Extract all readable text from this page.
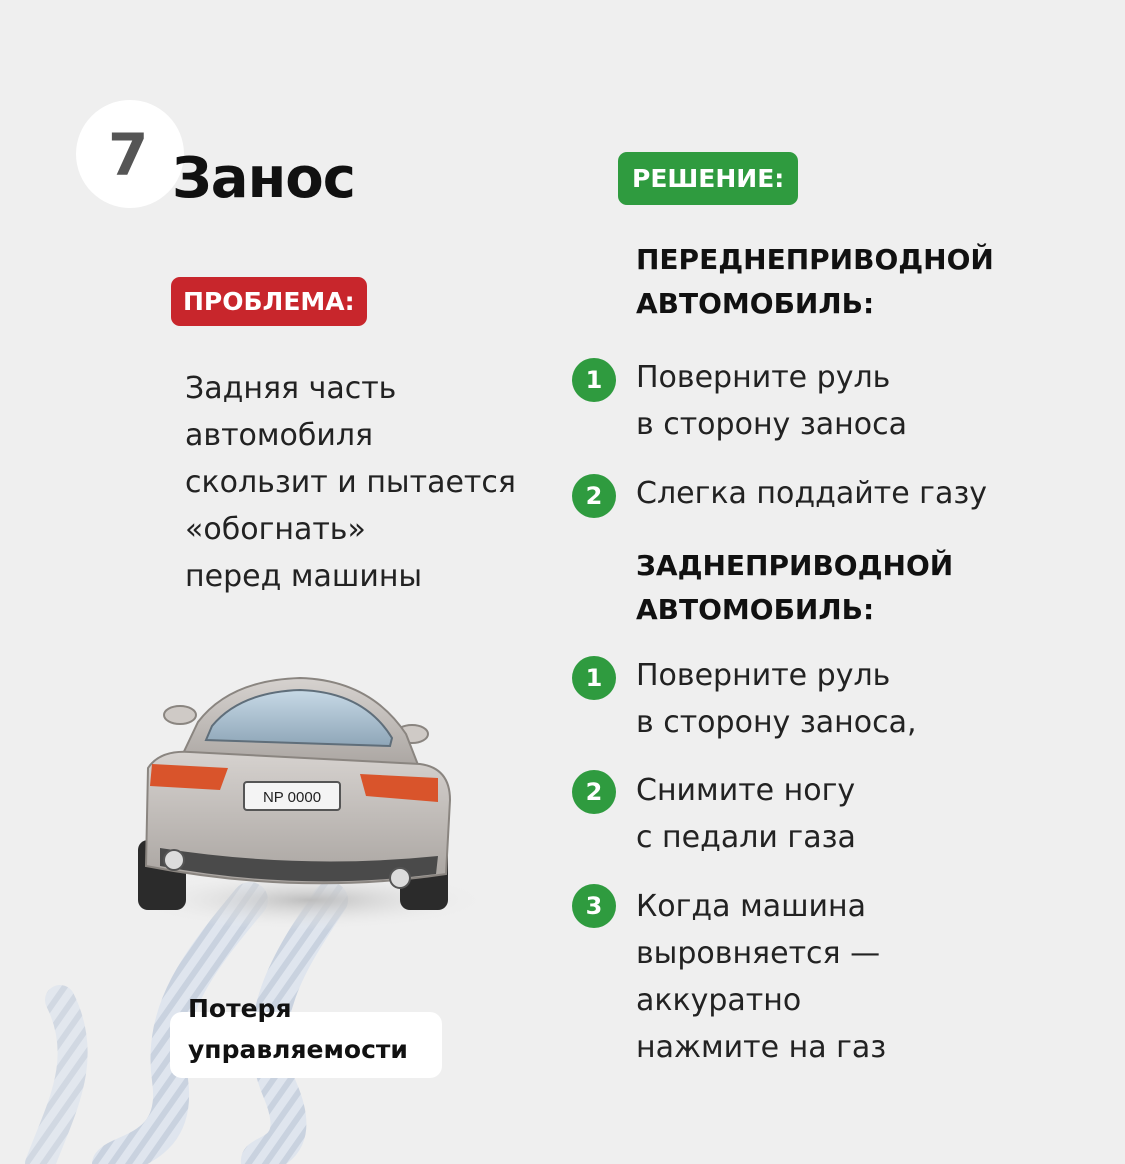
7 Занос
ПРОБЛЕМА:
Задняя часть
автомобиля
скользит и пытается
«обогнать»
перед машины
РЕШЕНИЕ:
ПЕРЕДНЕПРИВОДНОЙ
АВТОМОБИЛЬ:
1	Поверните руль
в сторону заноса
2	Слегка поддайте газу
ЗАДНЕПРИВОДНОЙ
АВТОМОБИЛЬ:
1	Поверните руль
в сторону заноса,
2	Снимите ногу
с педали газа
3	Когда машина
выровняется —
аккуратно
нажмите на газ
NP 0000
Потеря
управляемости
